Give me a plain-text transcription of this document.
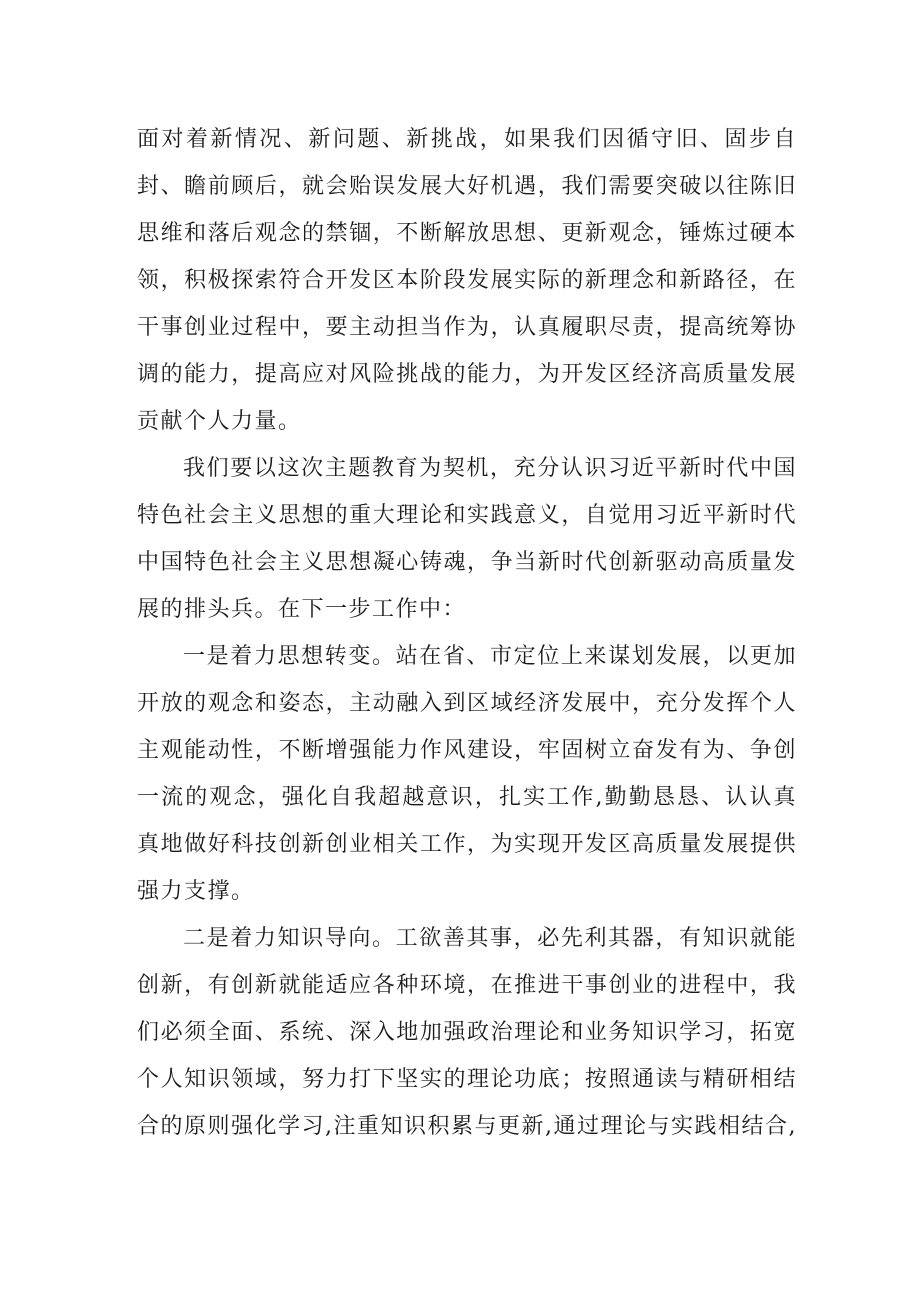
面对着新情况、新问题、新挑战，如果我们因循守旧、固步自封、瞻前顾后，就会贻误发展大好机遇，我们需要突破以往陈旧思维和落后观念的禁锢，不断解放思想、更新观念，锤炼过硬本领，积极探索符合开发区本阶段发展实际的新理念和新路径，在干事创业过程中，要主动担当作为，认真履职尽责，提高统筹协调的能力，提高应对风险挑战的能力，为开发区经济高质量发展贡献个人力量。

我们要以这次主题教育为契机，充分认识习近平新时代中国特色社会主义思想的重大理论和实践意义，自觉用习近平新时代中国特色社会主义思想凝心铸魂，争当新时代创新驱动高质量发展的排头兵。在下一步工作中：

一是着力思想转变。站在省、市定位上来谋划发展，以更加开放的观念和姿态，主动融入到区域经济发展中，充分发挥个人主观能动性，不断增强能力作风建设，牢固树立奋发有为、争创一流的观念，强化自我超越意识，扎实工作,勤勤恳恳、认认真真地做好科技创新创业相关工作，为实现开发区高质量发展提供强力支撑。

二是着力知识导向。工欲善其事，必先利其器，有知识就能创新，有创新就能适应各种环境，在推进干事创业的进程中，我们必须全面、系统、深入地加强政治理论和业务知识学习，拓宽个人知识领域，努力打下坚实的理论功底；按照通读与精研相结合的原则强化学习,注重知识积累与更新,通过理论与实践相结合,
